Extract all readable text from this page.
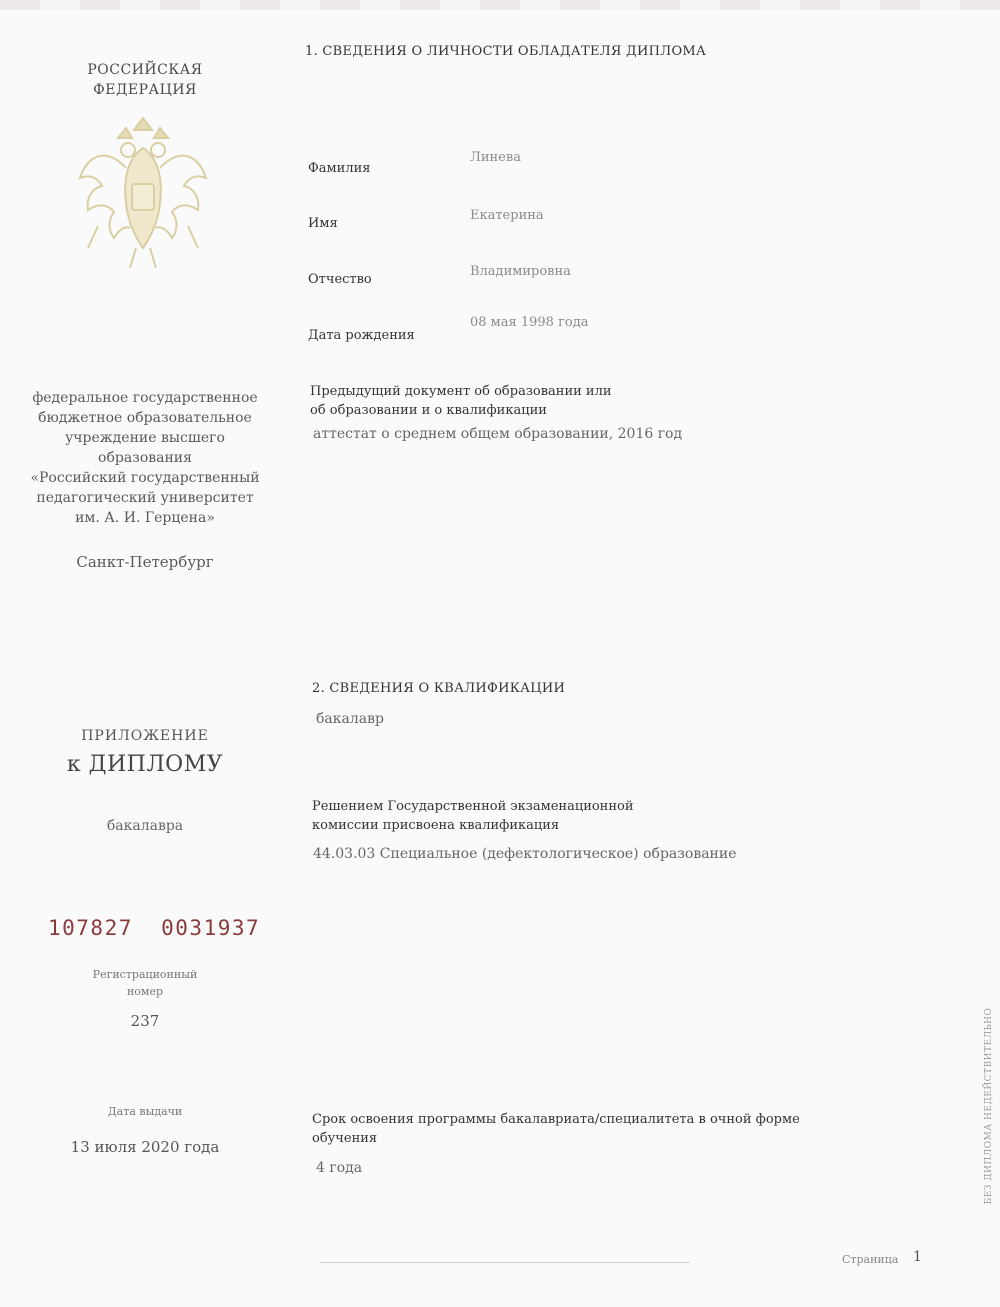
РОССИЙСКАЯ
ФЕДЕРАЦИЯ
федеральное государственное
бюджетное образовательное
учреждение высшего
образования
«Российский государственный
педагогический университет
им. А. И. Герцена»
Санкт-Петербург
ПРИЛОЖЕНИЕ
к ДИПЛОМУ
бакалавра
107827  0031937
Регистрационный
номер
237
Дата выдачи
13 июля 2020 года
1. СВЕДЕНИЯ О ЛИЧНОСТИ ОБЛАДАТЕЛЯ ДИПЛОМА
Фамилия
Линева
Имя
Екатерина
Отчество
Владимировна
Дата рождения
08 мая 1998 года
Предыдущий документ об образовании или
об образовании и о квалификации
аттестат о среднем общем образовании, 2016 год
2. СВЕДЕНИЯ О КВАЛИФИКАЦИИ
бакалавр
Решением Государственной экзаменационной
комиссии присвоена квалификация
44.03.03 Специальное (дефектологическое) образование
Срок освоения программы бакалавриата/специалитета в очной форме
обучения
4 года	БЕЗ ДИПЛОМА НЕДЕЙСТВИТЕЛЬНО
Страница 1
